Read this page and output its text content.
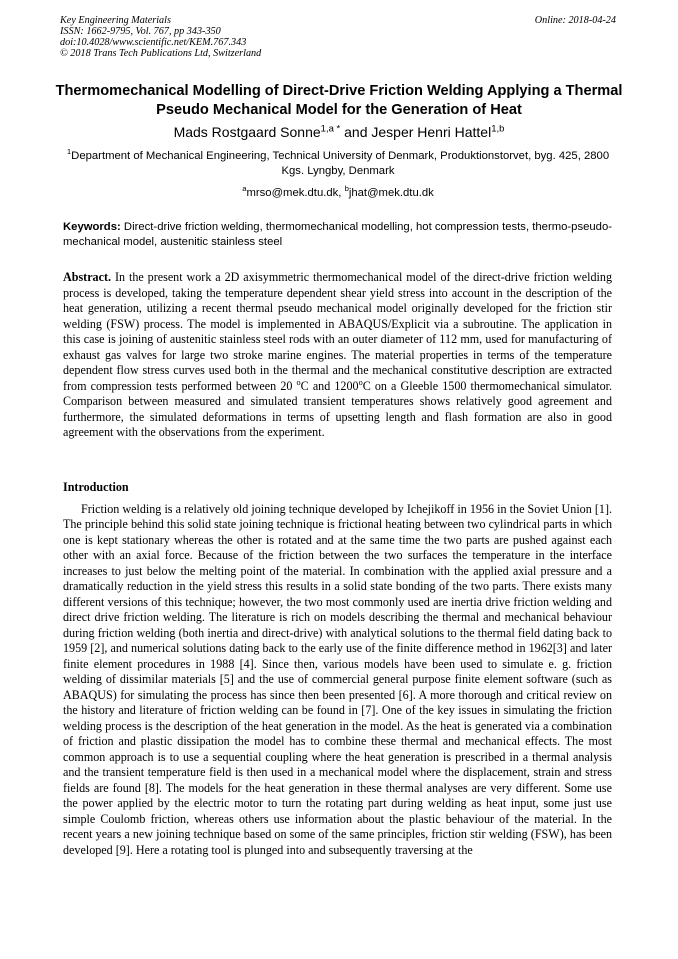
Key Engineering Materials
ISSN: 1662-9795, Vol. 767, pp 343-350
doi:10.4028/www.scientific.net/KEM.767.343
© 2018 Trans Tech Publications Ltd, Switzerland
Online: 2018-04-24
Thermomechanical Modelling of Direct-Drive Friction Welding Applying a Thermal Pseudo Mechanical Model for the Generation of Heat
Mads Rostgaard Sonne$^{1,a *}$ and Jesper Henri Hattel$^{1,b}$
$^1$Department of Mechanical Engineering, Technical University of Denmark, Produktionstorvet, byg. 425, 2800 Kgs. Lyngby, Denmark
$^a$mrso@mek.dtu.dk, $^b$jhat@mek.dtu.dk
Keywords: Direct-drive friction welding, thermomechanical modelling, hot compression tests, thermo-pseudo-mechanical model, austenitic stainless steel

Abstract. In the present work a 2D axisymmetric thermomechanical model of the direct-drive friction welding process is developed, taking the temperature dependent shear yield stress into account in the description of the heat generation, utilizing a recent thermal pseudo mechanical model originally developed for the friction stir welding (FSW) process. The model is implemented in ABAQUS/Explicit via a subroutine. The application in this case is joining of austenitic stainless steel rods with an outer diameter of 112 mm, used for manufacturing of exhaust gas valves for large two stroke marine engines. The material properties in terms of the temperature dependent flow stress curves used both in the thermal and the mechanical constitutive description are extracted from compression tests performed between 20 $^o$C and 1200$^o$C on a Gleeble 1500 thermomechanical simulator. Comparison between measured and simulated transient temperatures shows relatively good agreement and furthermore, the simulated deformations in terms of upsetting length and flash formation are also in good agreement with the observations from the experiment.

Introduction

Friction welding is a relatively old joining technique developed by Ichejikoff in 1956 in the Soviet Union [1]. The principle behind this solid state joining technique is frictional heating between two cylindrical parts in which one is kept stationary whereas the other is rotated and at the same time the two parts are pushed against each other with an axial force. Because of the friction between the two surfaces the temperature in the interface increases to just below the melting point of the material. In combination with the applied axial pressure and a dramatically reduction in the yield stress this results in a solid state bonding of the two parts. There exists many different versions of this technique; however, the two most commonly used are inertia drive friction welding and direct drive friction welding. The literature is rich on models describing the thermal and mechanical behaviour during friction welding (both inertia and direct-drive) with analytical solutions to the thermal field dating back to 1959 [2], and numerical solutions dating back to the early use of the finite difference method in 1962[3] and later finite element procedures in 1988 [4]. Since then, various models have been used to simulate e. g. friction welding of dissimilar materials [5] and the use of commercial general purpose finite element software (such as ABAQUS) for simulating the process has since then been presented [6]. A more thorough and critical review on the history and literature of friction welding can be found in [7]. One of the key issues in simulating the friction welding process is the description of the heat generation in the model. As the heat is generated via a combination of friction and plastic dissipation the model has to combine these thermal and mechanical effects. The most common approach is to use a sequential coupling where the heat generation is prescribed in a thermal analysis and the transient temperature field is then used in a mechanical model where the displacement, strain and stress fields are found [8]. The models for the heat generation in these thermal analyses are very different. Some use the power applied by the electric motor to turn the rotating part during welding as heat input, some just use simple Coulomb friction, whereas others use information about the plastic behaviour of the material. In the recent years a new joining technique based on some of the same principles, friction stir welding (FSW), has been developed [9]. Here a rotating tool is plunged into and subsequently traversing at the
